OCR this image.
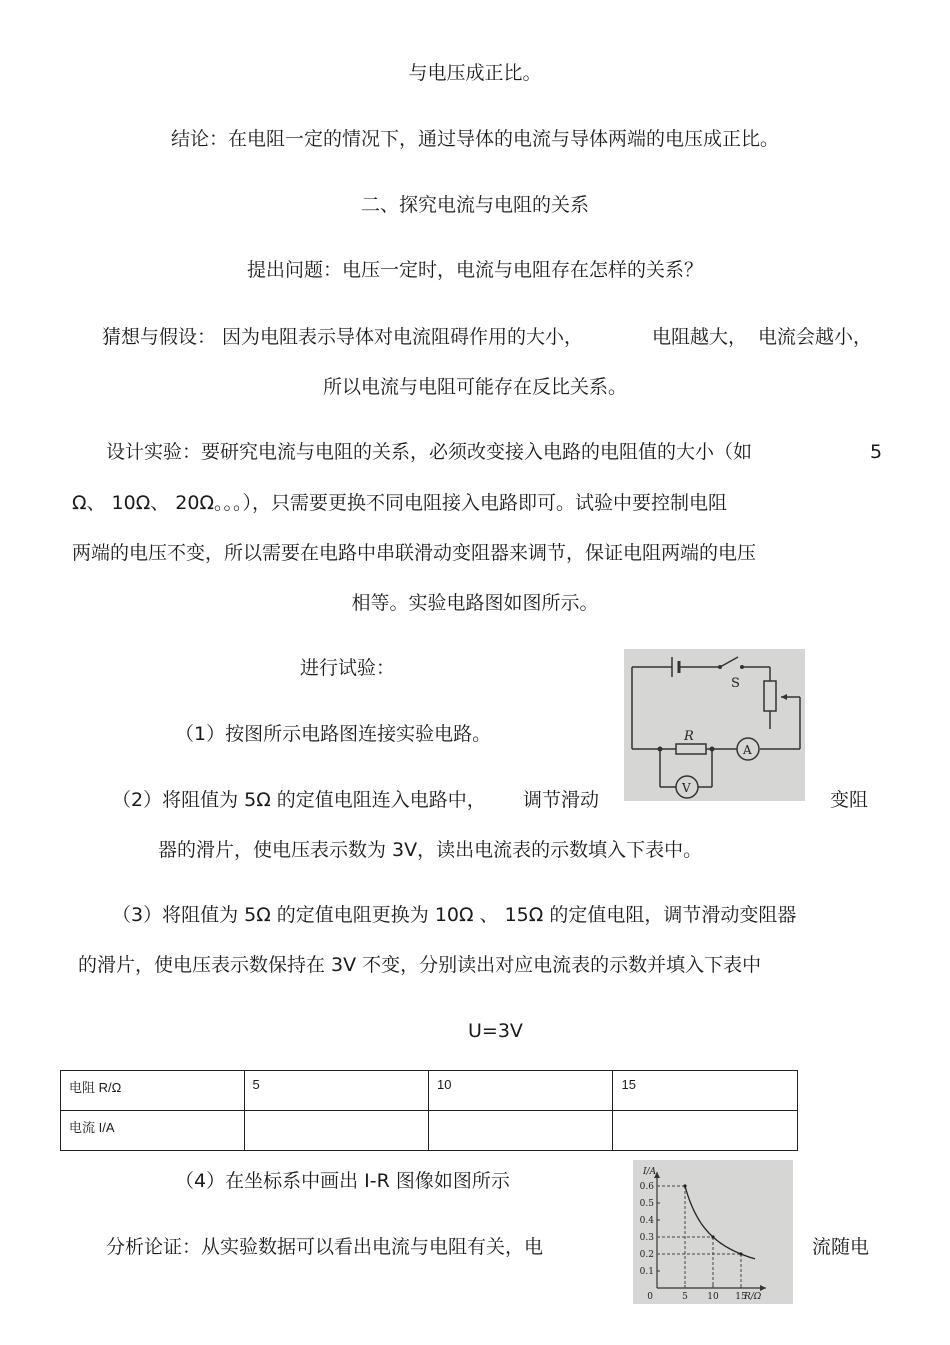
与电压成正比。
结论：在电阻一定的情况下，通过导体的电流与导体两端的电压成正比。
二、探究电流与电阻的关系
提出问题：电压一定时，电流与电阻存在怎样的关系？
猜想与假设： 因为电阻表示导体对电流阻碍作用的大小，	电阻越大， 电流会越小，
所以电流与电阻可能存在反比关系。
设计实验：要研究电流与电阻的关系，必须改变接入电路的电阻值的大小（如	5
Ω、 10Ω、 20Ω。。。），只需要更换不同电阻接入电路即可。试验中要控制电阻
两端的电压不变，所以需要在电路中串联滑动变阻器来调节，保证电阻两端的电压
相等。实验电路图如图所示。
进行试验：
（1）按图所示电路图连接实验电路。
（2）将阻值为 5Ω 的定值电阻连入电路中， 调节滑动	变阻
器的滑片，使电压表示数为 3V，读出电流表的示数填入下表中。
（3）将阻值为 5Ω 的定值电阻更换为 10Ω 、 15Ω 的定值电阻，调节滑动变阻器
的滑片，使电压表示数保持在 3V 不变，分别读出对应电流表的示数并填入下表中
U=3V
电阻 R/Ω	5	10	15
电流 I/A			
（4）在坐标系中画出 I-R 图像如图所示
分析论证：从实验数据可以看出电流与电阻有关，电	流随电
S
R
A
V
0.6
0.5
0.4
0.3
0.2
0.1
5 10 15
0
I/A
R/Ω
